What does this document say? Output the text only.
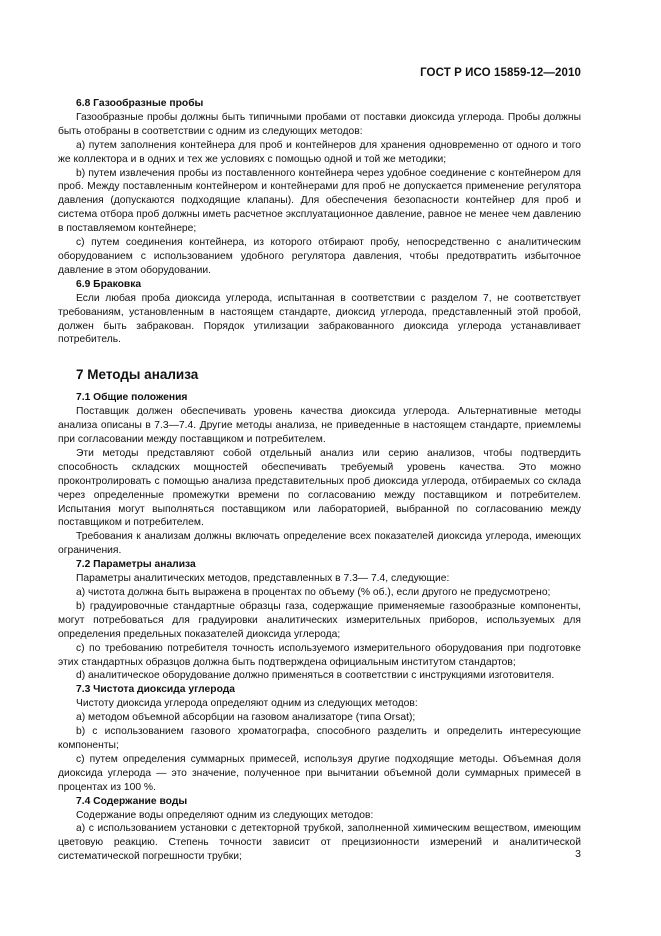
ГОСТ Р ИСО 15859-12—2010
6.8 Газообразные пробы
Газообразные пробы должны быть типичными пробами от поставки диоксида углерода. Пробы должны быть отобраны в соответствии с одним из следующих методов:
а) путем заполнения контейнера для проб и контейнеров для хранения одновременно от одного и того же коллектора и в одних и тех же условиях с помощью одной и той же методики;
b) путем извлечения пробы из поставленного контейнера через удобное соединение с контейнером для проб. Между поставленным контейнером и контейнерами для проб не допускается применение регулятора давления (допускаются подходящие клапаны). Для обеспечения безопасности контейнер для проб и система отбора проб должны иметь расчетное эксплуатационное давление, равное не менее чем давлению в поставляемом контейнере;
с) путем соединения контейнера, из которого отбирают пробу, непосредственно с аналитическим оборудованием с использованием удобного регулятора давления, чтобы предотвратить избыточное давление в этом оборудовании.
6.9 Браковка
Если любая проба диоксида углерода, испытанная в соответствии с разделом 7, не соответствует требованиям, установленным в настоящем стандарте, диоксид углерода, представленный этой пробой, должен быть забракован. Порядок утилизации забракованного диоксида углерода устанавливает потребитель.
7 Методы анализа
7.1 Общие положения
Поставщик должен обеспечивать уровень качества диоксида углерода. Альтернативные методы анализа описаны в 7.3—7.4. Другие методы анализа, не приведенные в настоящем стандарте, приемлемы при согласовании между поставщиком и потребителем.
Эти методы представляют собой отдельный анализ или серию анализов, чтобы подтвердить способность складских мощностей обеспечивать требуемый уровень качества. Это можно проконтролировать с помощью анализа представительных проб диоксида углерода, отбираемых со склада через определенные промежутки времени по согласованию между поставщиком и потребителем. Испытания могут выполняться поставщиком или лабораторией, выбранной по согласованию между поставщиком и потребителем.
Требования к анализам должны включать определение всех показателей диоксида углерода, имеющих ограничения.
7.2 Параметры анализа
Параметры аналитических методов, представленных в 7.3— 7.4, следующие:
а) чистота должна быть выражена в процентах по объему (% об.), если другого не предусмотрено;
b) градуировочные стандартные образцы газа, содержащие применяемые газообразные компоненты, могут потребоваться для градуировки аналитических измерительных приборов, используемых для определения предельных показателей диоксида углерода;
с) по требованию потребителя точность используемого измерительного оборудования при подготовке этих стандартных образцов должна быть подтверждена официальным институтом стандартов;
d) аналитическое оборудование должно применяться в соответствии с инструкциями изготовителя.
7.3 Чистота диоксида углерода
Чистоту диоксида углерода определяют одним из следующих методов:
а) методом объемной абсорбции на газовом анализаторе (типа Orsat);
b) с использованием газового хроматографа, способного разделить и определить интересующие компоненты;
с) путем определения суммарных примесей, используя другие подходящие методы. Объемная доля диоксида углерода — это значение, полученное при вычитании объемной доли суммарных примесей в процентах из 100 %.
7.4 Содержание воды
Содержание воды определяют одним из следующих методов:
а) с использованием установки с детекторной трубкой, заполненной химическим веществом, имеющим цветовую реакцию. Степень точности зависит от прецизионности измерений и аналитической систематической погрешности трубки;	3
